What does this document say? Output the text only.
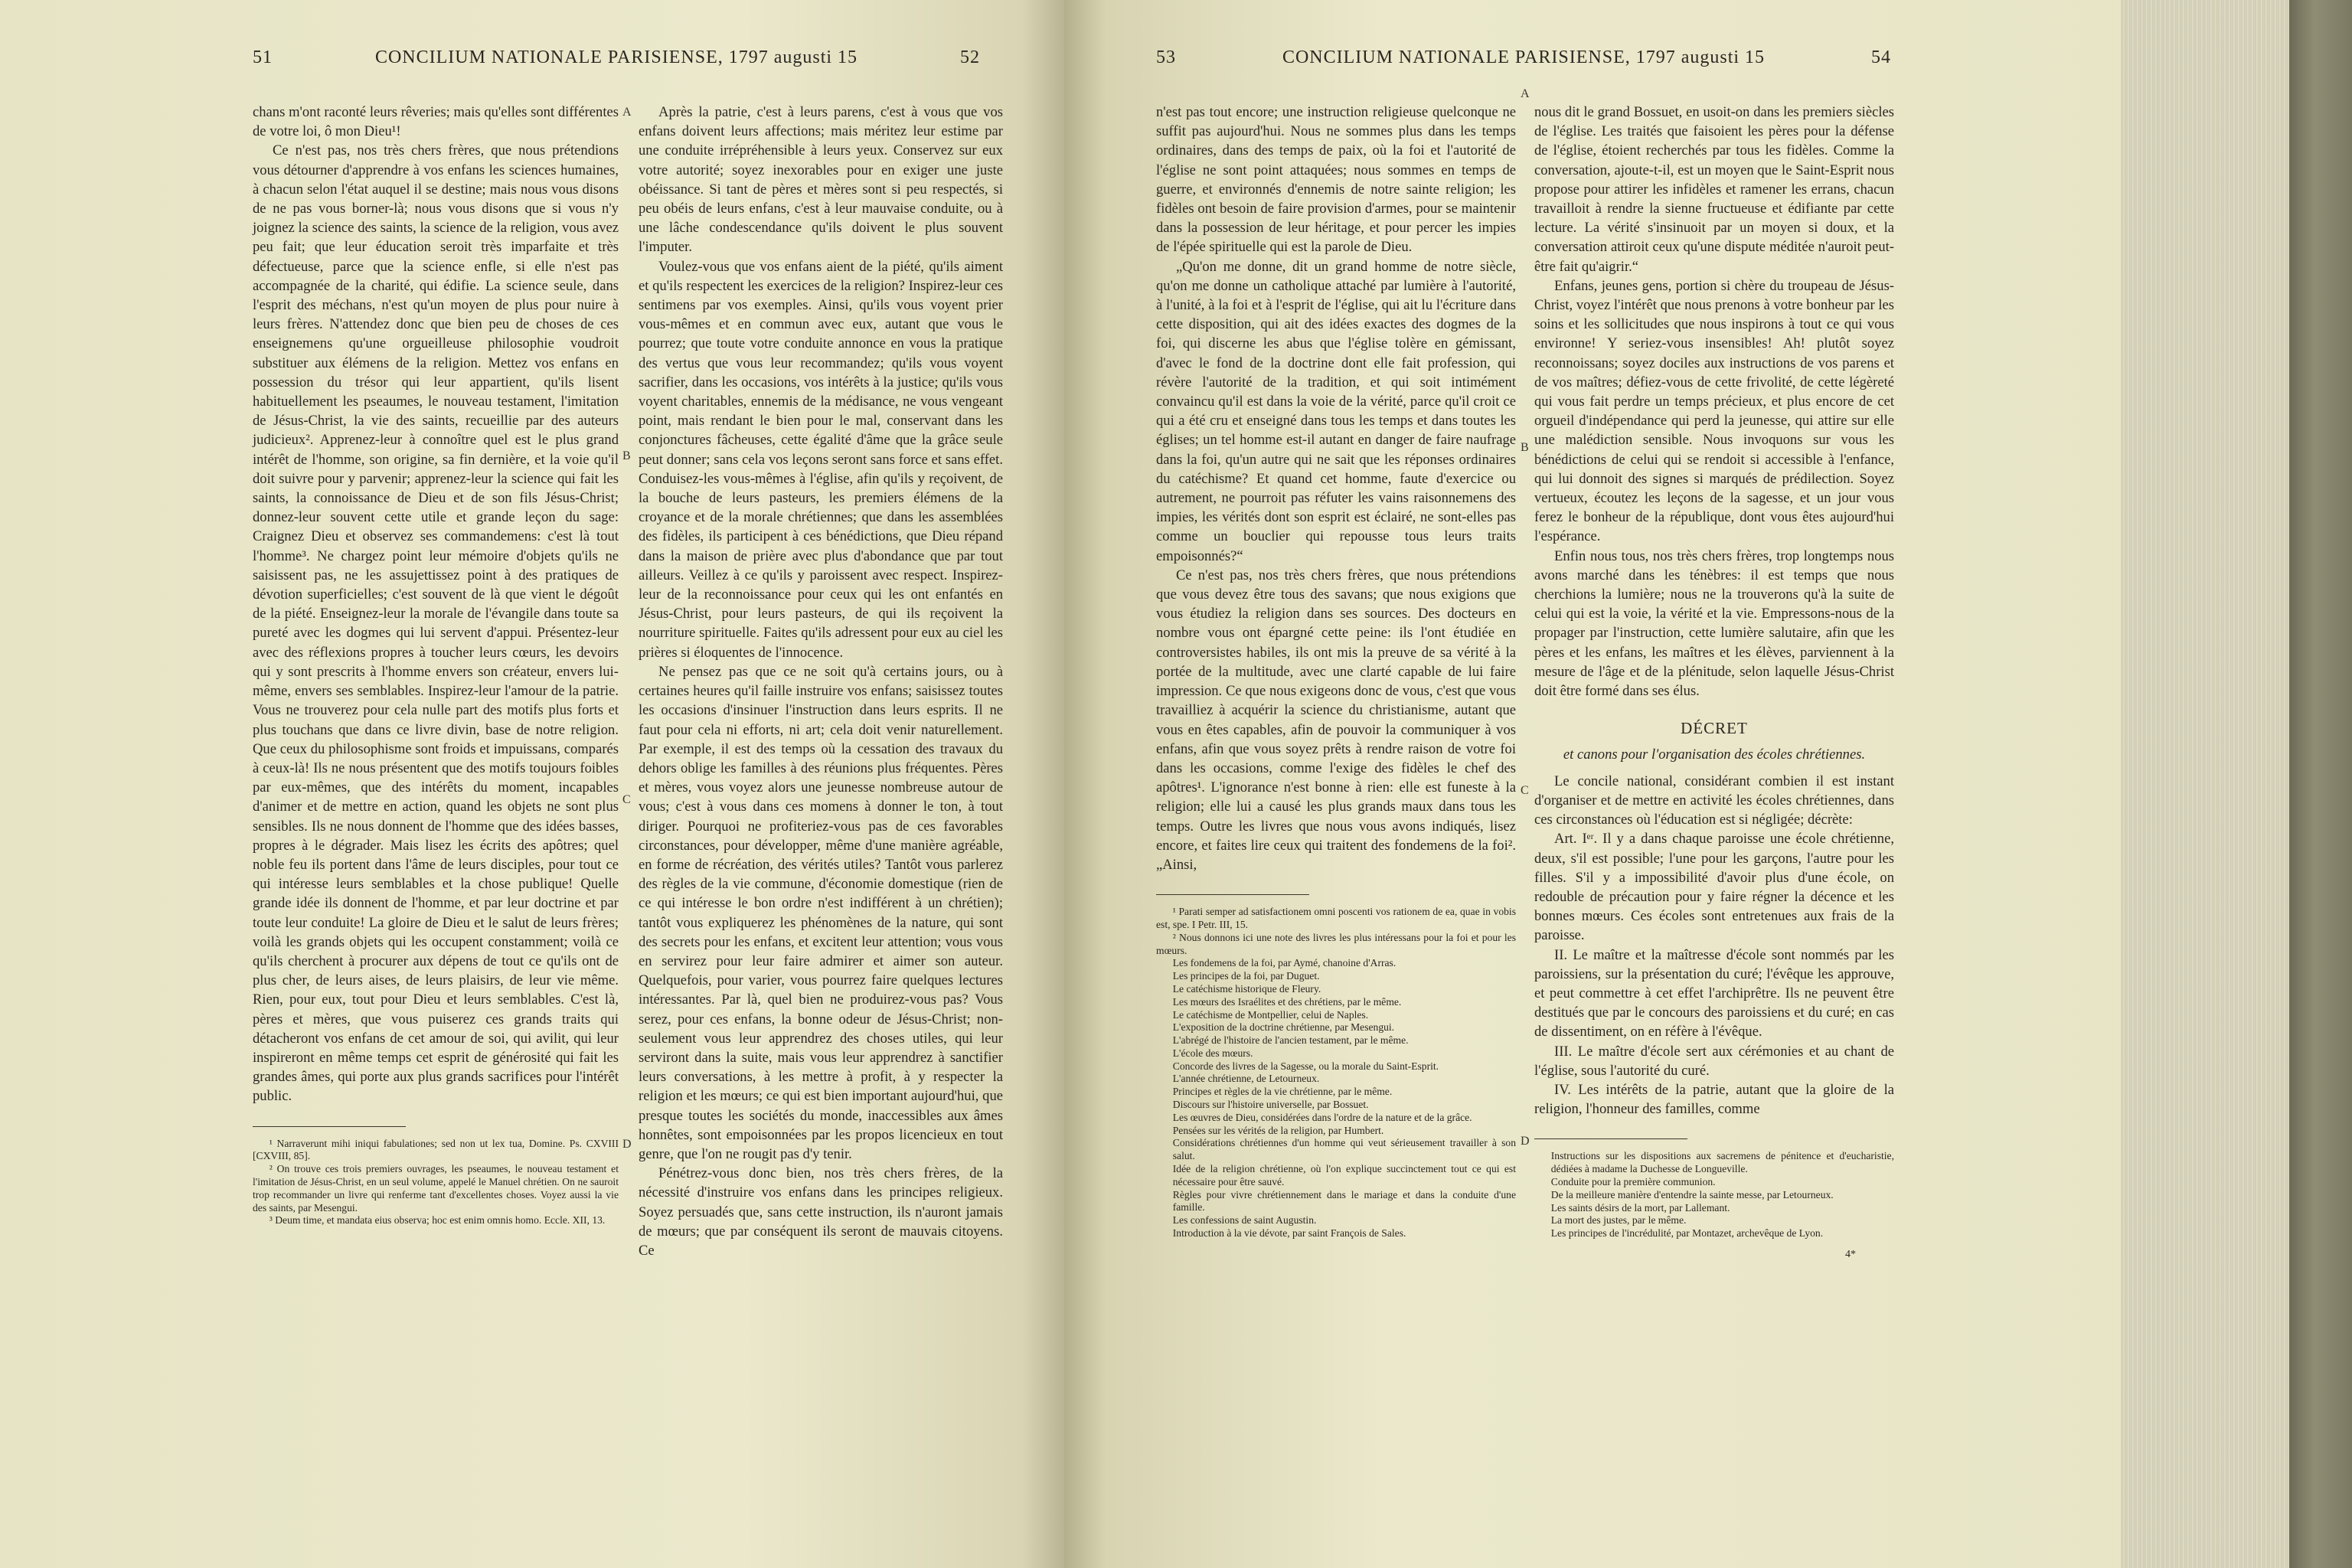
51	CONCILIUM NATIONALE PARISIENSE, 1797 augusti 15	52

chans m'ont raconté leurs rêveries; mais qu'elles sont différentes de votre loi, ô mon Dieu¹!

Ce n'est pas, nos très chers frères, que nous prétendions vous détourner d'apprendre à vos enfans les sciences humaines, à chacun selon l'état auquel il se destine; mais nous vous disons de ne pas vous borner-là; nous vous disons que si vous n'y joignez la science des saints, la science de la religion, vous avez peu fait; que leur éducation seroit très imparfaite et très défectueuse, parce que la science enfle, si elle n'est pas accompagnée de la charité, qui édifie. La science seule, dans l'esprit des méchans, n'est qu'un moyen de plus pour nuire à leurs frères. N'attendez donc que bien peu de choses de ces enseignemens qu'une orgueilleuse philosophie voudroit substituer aux élémens de la religion. Mettez vos enfans en possession du trésor qui leur appartient, qu'ils lisent habituellement les pseaumes, le nouveau testament, l'imitation de Jésus-Christ, la vie des saints, recueillie par des auteurs judicieux². Apprenez-leur à connoître quel est le plus grand intérêt de l'homme, son origine, sa fin dernière, et la voie qu'il doit suivre pour y parvenir; apprenez-leur la science qui fait les saints, la connoissance de Dieu et de son fils Jésus-Christ; donnez-leur souvent cette utile et grande leçon du sage: Craignez Dieu et observez ses commandemens: c'est là tout l'homme³. Ne chargez point leur mémoire d'objets qu'ils ne saisissent pas, ne les assujettissez point à des pratiques de dévotion superficielles; c'est souvent de là que vient le dégoût de la piété. Enseignez-leur la morale de l'évangile dans toute sa pureté avec les dogmes qui lui servent d'appui. Présentez-leur avec des réflexions propres à toucher leurs cœurs, les devoirs qui y sont prescrits à l'homme envers son créateur, envers lui-même, envers ses semblables. Inspirez-leur l'amour de la patrie. Vous ne trouverez pour cela nulle part des motifs plus forts et plus touchans que dans ce livre divin, base de notre religion. Que ceux du philosophisme sont froids et impuissans, comparés à ceux-là! Ils ne nous présentent que des motifs toujours foibles par eux-mêmes, que des intérêts du moment, incapables d'animer et de mettre en action, quand les objets ne sont plus sensibles. Ils ne nous donnent de l'homme que des idées basses, propres à le dégrader. Mais lisez les écrits des apôtres; quel noble feu ils portent dans l'âme de leurs disciples, pour tout ce qui intéresse leurs semblables et la chose publique! Quelle grande idée ils donnent de l'homme, et par leur doctrine et par toute leur conduite! La gloire de Dieu et le salut de leurs frères; voilà les grands objets qui les occupent constamment; voilà ce qu'ils cherchent à procurer aux dépens de tout ce qu'ils ont de plus cher, de leurs aises, de leurs plaisirs, de leur vie même. Rien, pour eux, tout pour Dieu et leurs semblables. C'est là, pères et mères, que vous puiserez ces grands traits qui détacheront vos enfans de cet amour de soi, qui avilit, qui leur inspireront en même temps cet esprit de générosité qui fait les grandes âmes, qui porte aux plus grands sacrifices pour l'intérêt public.

¹ Narraverunt mihi iniqui fabulationes; sed non ut lex tua, Domine. Ps. CXVIII [CXVIII, 85].

² On trouve ces trois premiers ouvrages, les pseaumes, le nouveau testament et l'imitation de Jésus-Christ, en un seul volume, appelé le Manuel chrétien. On ne sauroit trop recommander un livre qui renferme tant d'excellentes choses. Voyez aussi la vie des saints, par Mesengui.

³ Deum time, et mandata eius observa; hoc est enim omnis homo. Eccle. XII, 13.

Après la patrie, c'est à leurs parens, c'est à vous que vos enfans doivent leurs affections; mais méritez leur estime par une conduite irrépréhensible à leurs yeux. Conservez sur eux votre autorité; soyez inexorables pour en exiger une juste obéissance. Si tant de pères et mères sont si peu respectés, si peu obéis de leurs enfans, c'est à leur mauvaise conduite, ou à une lâche condescendance qu'ils doivent le plus souvent l'imputer.

Voulez-vous que vos enfans aient de la piété, qu'ils aiment et qu'ils respectent les exercices de la religion? Inspirez-leur ces sentimens par vos exemples. Ainsi, qu'ils vous voyent prier vous-mêmes et en commun avec eux, autant que vous le pourrez; que toute votre conduite annonce en vous la pratique des vertus que vous leur recommandez; qu'ils vous voyent sacrifier, dans les occasions, vos intérêts à la justice; qu'ils vous voyent charitables, ennemis de la médisance, ne vous vengeant point, mais rendant le bien pour le mal, conservant dans les conjonctures fâcheuses, cette égalité d'âme que la grâce seule peut donner; sans cela vos leçons seront sans force et sans effet. Conduisez-les vous-mêmes à l'église, afin qu'ils y reçoivent, de la bouche de leurs pasteurs, les premiers élémens de la croyance et de la morale chrétiennes; que dans les assemblées des fidèles, ils participent à ces bénédictions, que Dieu répand dans la maison de prière avec plus d'abondance que par tout ailleurs. Veillez à ce qu'ils y paroissent avec respect. Inspirez-leur de la reconnoissance pour ceux qui les ont enfantés en Jésus-Christ, pour leurs pasteurs, de qui ils reçoivent la nourriture spirituelle. Faites qu'ils adressent pour eux au ciel les prières si éloquentes de l'innocence.

Ne pensez pas que ce ne soit qu'à certains jours, ou à certaines heures qu'il faille instruire vos enfans; saisissez toutes les occasions d'insinuer l'instruction dans leurs esprits. Il ne faut pour cela ni efforts, ni art; cela doit venir naturellement. Par exemple, il est des temps où la cessation des travaux du dehors oblige les familles à des réunions plus fréquentes. Pères et mères, vous voyez alors une jeunesse nombreuse autour de vous; c'est à vous dans ces momens à donner le ton, à tout diriger. Pourquoi ne profiteriez-vous pas de ces favorables circonstances, pour développer, même d'une manière agréable, en forme de récréation, des vérités utiles? Tantôt vous parlerez des règles de la vie commune, d'économie domestique (rien de ce qui intéresse le bon ordre n'est indifférent à un chrétien); tantôt vous expliquerez les phénomènes de la nature, qui sont des secrets pour les enfans, et excitent leur attention; vous vous en servirez pour leur faire admirer et aimer son auteur. Quelquefois, pour varier, vous pourrez faire quelques lectures intéressantes. Par là, quel bien ne produirez-vous pas? Vous serez, pour ces enfans, la bonne odeur de Jésus-Christ; non-seulement vous leur apprendrez des choses utiles, qui leur serviront dans la suite, mais vous leur apprendrez à sanctifier leurs conversations, à les mettre à profit, à y respecter la religion et les mœurs; ce qui est bien important aujourd'hui, que presque toutes les sociétés du monde, inaccessibles aux âmes honnêtes, sont empoisonnées par les propos licencieux en tout genre, que l'on ne rougit pas d'y tenir.

Pénétrez-vous donc bien, nos très chers frères, de la nécessité d'instruire vos enfans dans les principes religieux. Soyez persuadés que, sans cette instruction, ils n'auront jamais de mœurs; que par conséquent ils seront de mauvais citoyens. Ce

A
B
C
D
53	CONCILIUM NATIONALE PARISIENSE, 1797 augusti 15	54

n'est pas tout encore; une instruction religieuse quelconque ne suffit pas aujourd'hui. Nous ne sommes plus dans les temps ordinaires, dans des temps de paix, où la foi et l'autorité de l'église ne sont point attaquées; nous sommes en temps de guerre, et environnés d'ennemis de notre sainte religion; les fidèles ont besoin de faire provision d'armes, pour se maintenir dans la possession de leur héritage, et pour percer les impies de l'épée spirituelle qui est la parole de Dieu.

„Qu'on me donne, dit un grand homme de notre siècle, qu'on me donne un catholique attaché par lumière à l'autorité, à l'unité, à la foi et à l'esprit de l'église, qui ait lu l'écriture dans cette disposition, qui ait des idées exactes des dogmes de la foi, qui discerne les abus que l'église tolère en gémissant, d'avec le fond de la doctrine dont elle fait profession, qui révère l'autorité de la tradition, et qui soit intimément convaincu qu'il est dans la voie de la vérité, parce qu'il croit ce qui a été cru et enseigné dans tous les temps et dans toutes les églises; un tel homme est-il autant en danger de faire naufrage dans la foi, qu'un autre qui ne sait que les réponses ordinaires du catéchisme? Et quand cet homme, faute d'exercice ou autrement, ne pourroit pas réfuter les vains raisonnemens des impies, les vérités dont son esprit est éclairé, ne sont-elles pas comme un bouclier qui repousse tous leurs traits empoisonnés?“

Ce n'est pas, nos très chers frères, que nous prétendions que vous devez être tous des savans; que nous exigions que vous étudiez la religion dans ses sources. Des docteurs en nombre vous ont épargné cette peine: ils l'ont étudiée en controversistes habiles, ils ont mis la preuve de sa vérité à la portée de la multitude, avec une clarté capable de lui faire impression. Ce que nous exigeons donc de vous, c'est que vous travailliez à acquérir la science du christianisme, autant que vous en êtes capables, afin de pouvoir la communiquer à vos enfans, afin que vous soyez prêts à rendre raison de votre foi dans les occasions, comme l'exige des fidèles le chef des apôtres¹. L'ignorance n'est bonne à rien: elle est funeste à la religion; elle lui a causé les plus grands maux dans tous les temps. Outre les livres que nous vous avons indiqués, lisez encore, et faites lire ceux qui traitent des fondemens de la foi². „Ainsi,

¹ Parati semper ad satisfactionem omni poscenti vos rationem de ea, quae in vobis est, spe. I Petr. III, 15.

² Nous donnons ici une note des livres les plus intéressans pour la foi et pour les mœurs.

Les fondemens de la foi, par Aymé, chanoine d'Arras.

Les principes de la foi, par Duguet.

Le catéchisme historique de Fleury.

Les mœurs des Israélites et des chrétiens, par le même.

Le catéchisme de Montpellier, celui de Naples.

L'exposition de la doctrine chrétienne, par Mesengui.

L'abrégé de l'histoire de l'ancien testament, par le même.

L'école des mœurs.

Concorde des livres de la Sagesse, ou la morale du Saint-Esprit.

L'année chrétienne, de Letourneux.

Principes et règles de la vie chrétienne, par le même.

Discours sur l'histoire universelle, par Bossuet.

Les œuvres de Dieu, considérées dans l'ordre de la nature et de la grâce.

Pensées sur les vérités de la religion, par Humbert.

Considérations chrétiennes d'un homme qui veut sérieusement travailler à son salut.

Idée de la religion chrétienne, où l'on explique succinctement tout ce qui est nécessaire pour être sauvé.

Règles pour vivre chrétiennement dans le mariage et dans la conduite d'une famille.

Les confessions de saint Augustin.

Introduction à la vie dévote, par saint François de Sales.

nous dit le grand Bossuet, en usoit-on dans les premiers siècles de l'église. Les traités que faisoient les pères pour la défense de l'église, étoient recherchés par tous les fidèles. Comme la conversation, ajoute-t-il, est un moyen que le Saint-Esprit nous propose pour attirer les infidèles et ramener les errans, chacun travailloit à rendre la sienne fructueuse et édifiante par cette lecture. La vérité s'insinuoit par un moyen si doux, et la conversation attiroit ceux qu'une dispute méditée n'auroit peut-être fait qu'aigrir.“

Enfans, jeunes gens, portion si chère du troupeau de Jésus-Christ, voyez l'intérêt que nous prenons à votre bonheur par les soins et les sollicitudes que nous inspirons à tout ce qui vous environne! Y seriez-vous insensibles! Ah! plutôt soyez reconnoissans; soyez dociles aux instructions de vos parens et de vos maîtres; défiez-vous de cette frivolité, de cette légèreté qui vous fait perdre un temps précieux, et plus encore de cet orgueil d'indépendance qui perd la jeunesse, qui attire sur elle une malédiction sensible. Nous invoquons sur vous les bénédictions de celui qui se rendoit si accessible à l'enfance, qui lui donnoit des signes si marqués de prédilection. Soyez vertueux, écoutez les leçons de la sagesse, et un jour vous ferez le bonheur de la république, dont vous êtes aujourd'hui l'espérance.

Enfin nous tous, nos très chers frères, trop longtemps nous avons marché dans les ténèbres: il est temps que nous cherchions la lumière; nous ne la trouverons qu'à la suite de celui qui est la voie, la vérité et la vie. Empressons-nous de la propager par l'instruction, cette lumière salutaire, afin que les pères et les enfans, les maîtres et les élèves, parviennent à la mesure de l'âge et de la plénitude, selon laquelle Jésus-Christ doit être formé dans ses élus.

DÉCRET
et canons pour l'organisation des écoles chrétiennes.

Le concile national, considérant combien il est instant d'organiser et de mettre en activité les écoles chrétiennes, dans ces circonstances où l'éducation est si négligée; décrète:

Art. Iᵉʳ. Il y a dans chaque paroisse une école chrétienne, deux, s'il est possible; l'une pour les garçons, l'autre pour les filles. S'il y a impossibilité d'avoir plus d'une école, on redouble de précaution pour y faire régner la décence et les bonnes mœurs. Ces écoles sont entretenues aux frais de la paroisse.

II. Le maître et la maîtresse d'école sont nommés par les paroissiens, sur la présentation du curé; l'évêque les approuve, et peut commettre à cet effet l'archiprêtre. Ils ne peuvent être destitués que par le concours des paroissiens et du curé; en cas de dissentiment, on en réfère à l'évêque.

III. Le maître d'école sert aux cérémonies et au chant de l'église, sous l'autorité du curé.

IV. Les intérêts de la patrie, autant que la gloire de la religion, l'honneur des familles, comme

Instructions sur les dispositions aux sacremens de pénitence et d'eucharistie, dédiées à madame la Duchesse de Longueville.

Conduite pour la première communion.

De la meilleure manière d'entendre la sainte messe, par Letourneux.

Les saints désirs de la mort, par Lallemant.

La mort des justes, par le même.

Les principes de l'incrédulité, par Montazet, archevêque de Lyon.

4*
A
B
C
D
